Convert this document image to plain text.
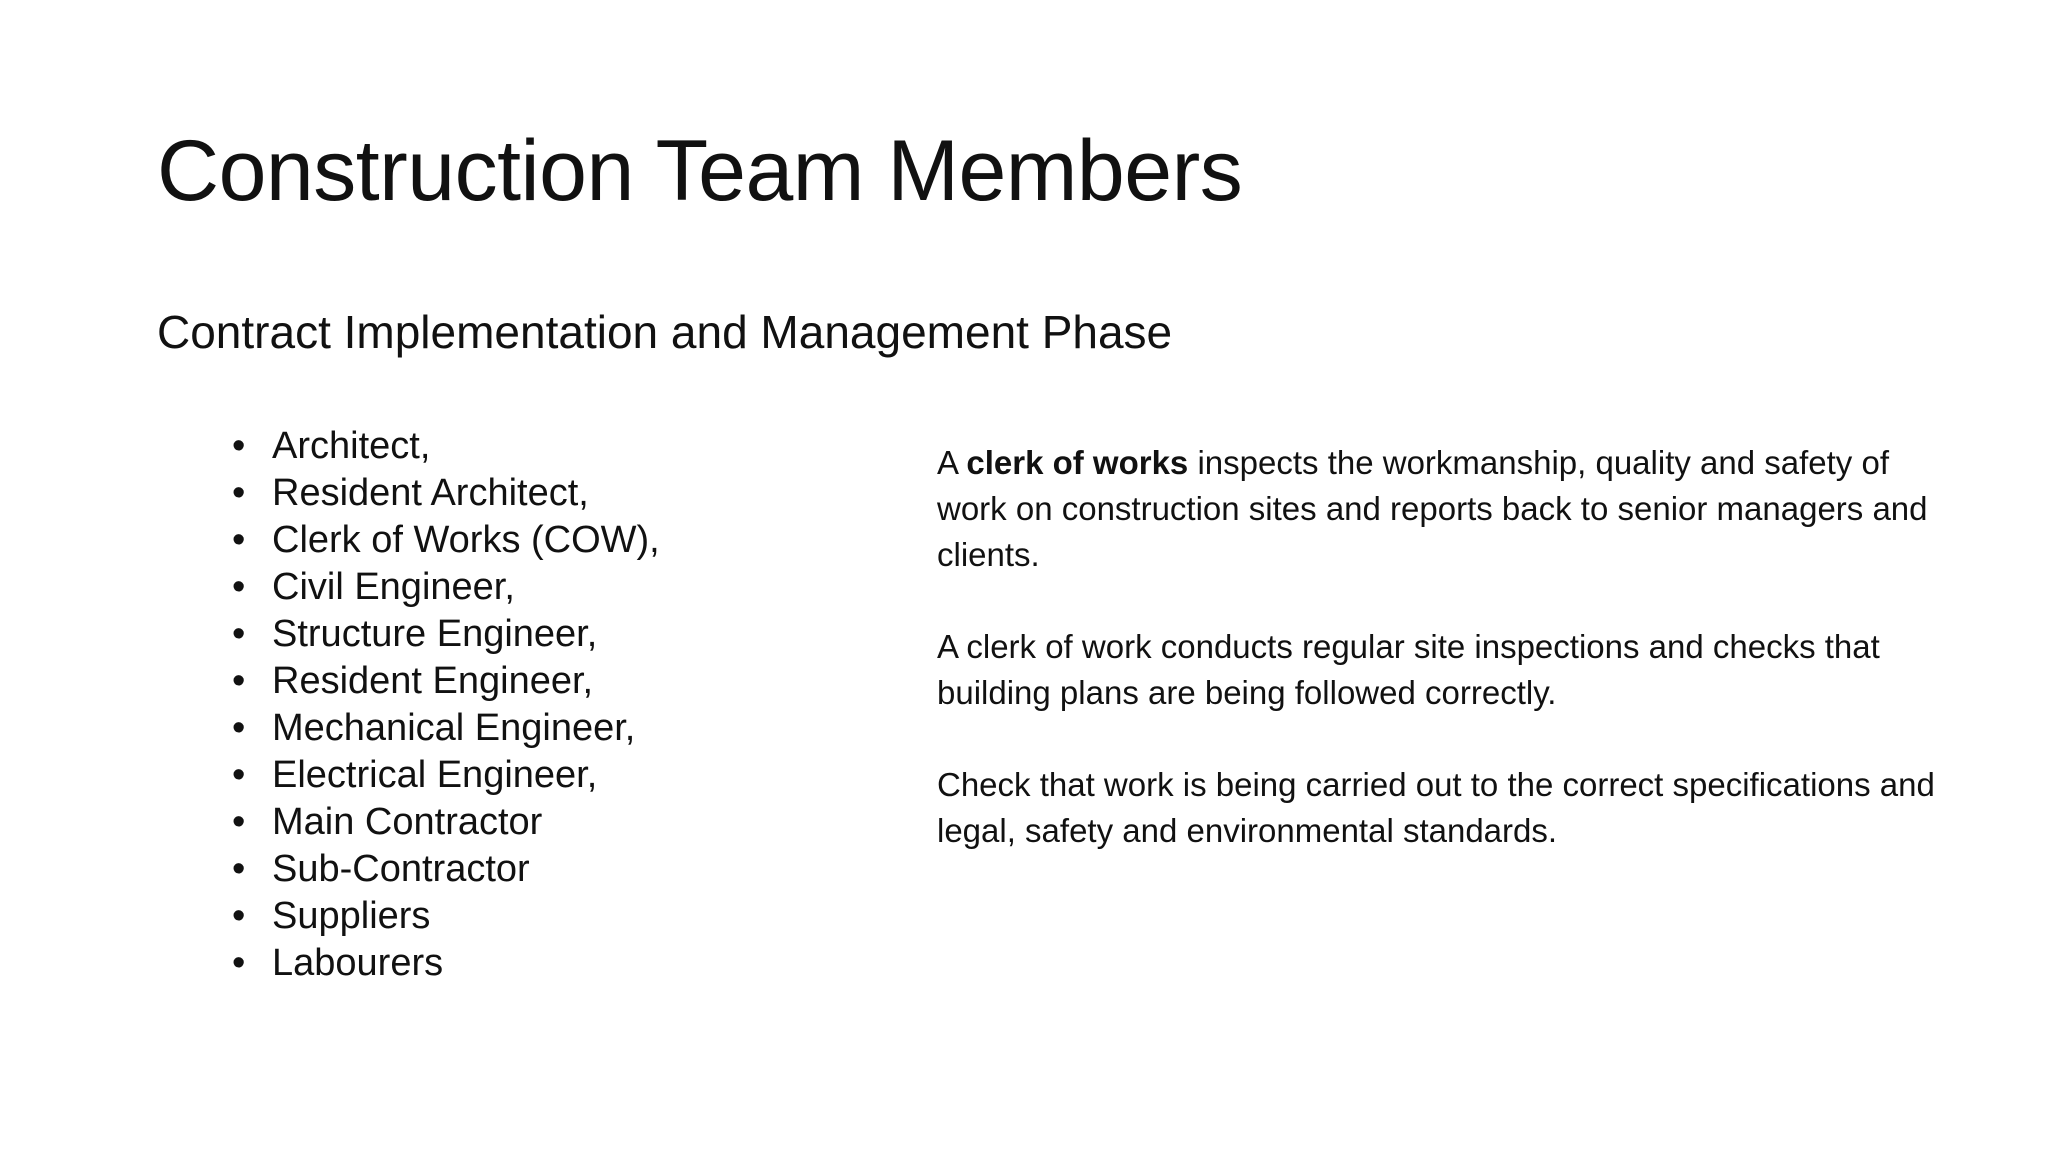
Construction Team Members
Contract Implementation and Management Phase
• Architect,
• Resident Architect,
• Clerk of Works (COW),
• Civil Engineer,
• Structure Engineer,
• Resident Engineer,
• Mechanical Engineer,
• Electrical Engineer,
• Main Contractor
• Sub-Contractor
• Suppliers
• Labourers

A clerk of works inspects the workmanship, quality and safety of work on construction sites and reports back to senior managers and clients.

A clerk of work conducts regular site inspections and checks that building plans are being followed correctly.

Check that work is being carried out to the correct specifications and legal, safety and environmental standards.
